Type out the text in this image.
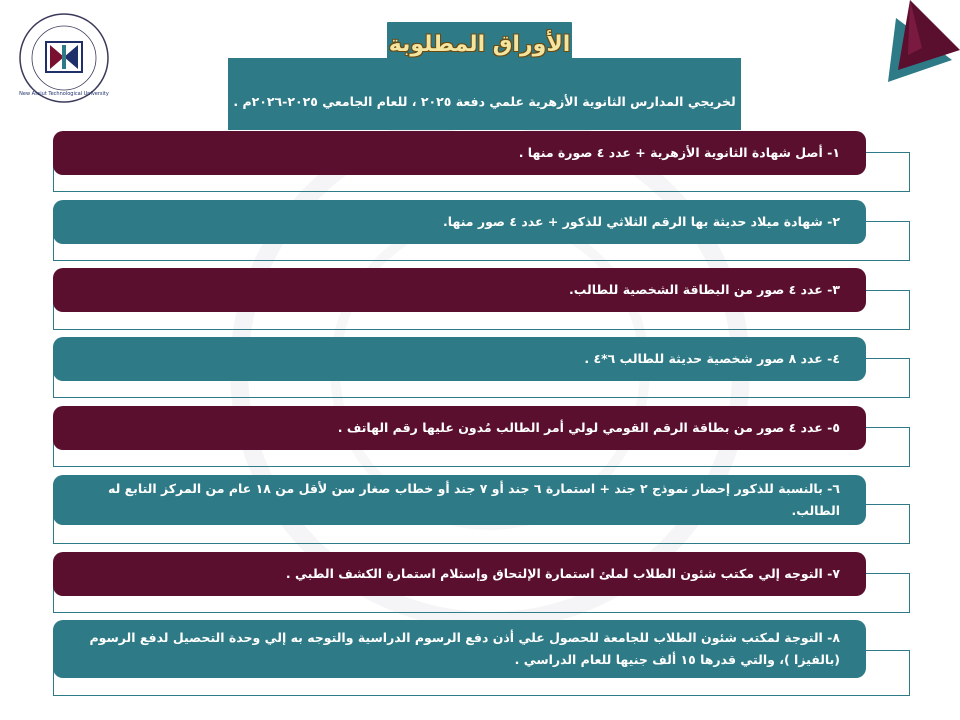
New Assiut Technological University	لخريجي المدارس الثانوية الأزهرية علمي دفعة ٢٠٢٥ ، للعام الجامعي ٢٠٢٥-٢٠٢٦م .
الأوراق المطلوبة
١- أصل شهادة الثانوية الأزهرية + عدد ٤ صورة منها .
٢- شهادة ميلاد حديثة بها الرقم الثلاثي للذكور + عدد ٤ صور منها.
٣- عدد ٤ صور من البطاقة الشخصية للطالب.
٤- عدد ٨ صور شخصية حديثة للطالب ٦*٤ .
٥- عدد ٤ صور من بطاقة الرقم القومي لولي أمر الطالب مُدون عليها رقم الهاتف .
٦- بالنسبة للذكور إحضار نموذج ٢ جند + استمارة ٦ جند أو ٧ جند أو خطاب صغار سن لأقل من ١٨ عام من المركز التابع له الطالب.
٧- التوجه إلي مكتب شئون الطلاب لملئ استمارة الإلتحاق وإستلام استمارة الكشف الطبي .
٨- التوجة لمكتب شئون الطلاب للجامعة للحصول علي أذن دفع الرسوم الدراسية والتوجه به إلي وحدة التحصيل لدفع الرسوم (بالفيزا )، والتي قدرها ١٥ ألف جنيها للعام الدراسي .
